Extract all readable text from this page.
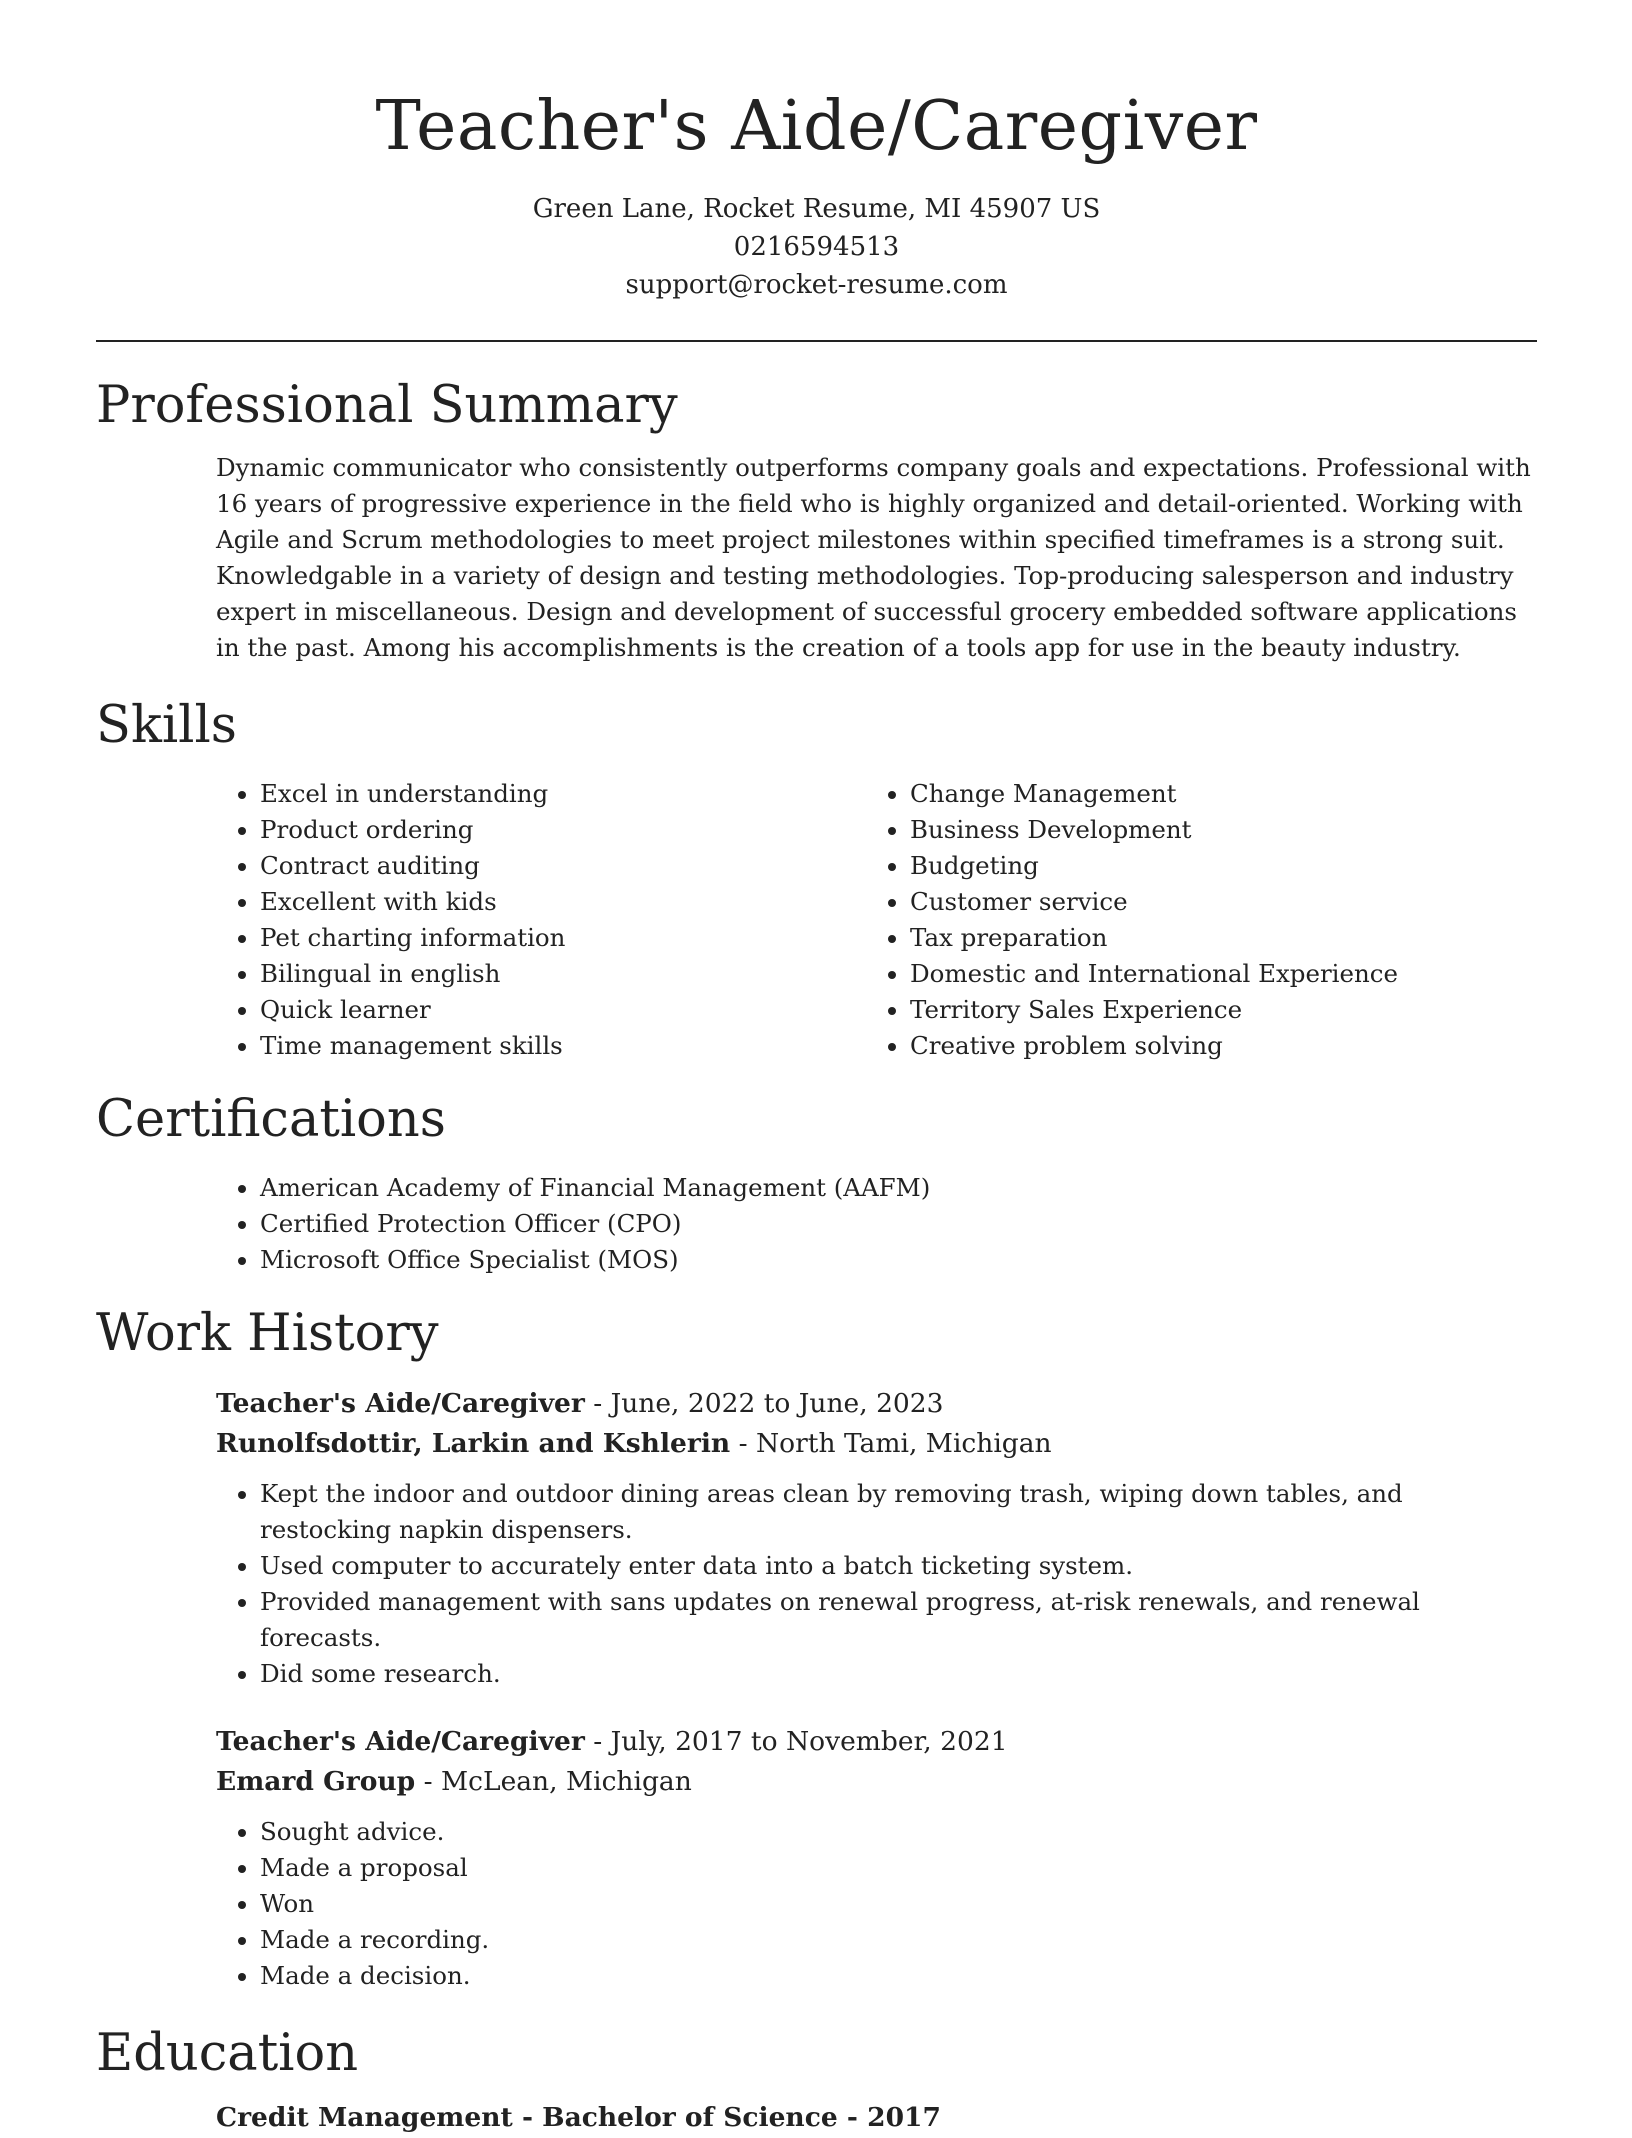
Teacher's Aide/Caregiver

Green Lane, Rocket Resume, MI 45907 US

0216594513

support@rocket-resume.com

Professional Summary

Dynamic communicator who consistently outperforms company goals and expectations. Professional with 16 years of progressive experience in the field who is highly organized and detail-oriented. Working with Agile and Scrum methodologies to meet project milestones within specified timeframes is a strong suit. Knowledgable in a variety of design and testing methodologies. Top-producing salesperson and industry expert in miscellaneous. Design and development of successful grocery embedded software applications in the past. Among his accomplishments is the creation of a tools app for use in the beauty industry.

Skills
• Excel in understanding
• Product ordering
• Contract auditing
• Excellent with kids
• Pet charting information
• Bilingual in english
• Quick learner
• Time management skills
• Change Management
• Business Development
• Budgeting
• Customer service
• Tax preparation
• Domestic and International Experience
• Territory Sales Experience
• Creative problem solving
Certifications
• American Academy of Financial Management (AAFM)
• Certified Protection Officer (CPO)
• Microsoft Office Specialist (MOS)
Work History

Teacher's Aide/Caregiver - June, 2022 to June, 2023

Runolfsdottir, Larkin and Kshlerin - North Tami, Michigan

• Kept the indoor and outdoor dining areas clean by removing trash, wiping down tables, and restocking napkin dispensers.
• Used computer to accurately enter data into a batch ticketing system.
• Provided management with sans updates on renewal progress, at-risk renewals, and renewal forecasts.
• Did some research.

Teacher's Aide/Caregiver - July, 2017 to November, 2021

Emard Group - McLean, Michigan

• Sought advice.
• Made a proposal
• Won
• Made a recording.
• Made a decision.
Education

Credit Management - Bachelor of Science - 2017
